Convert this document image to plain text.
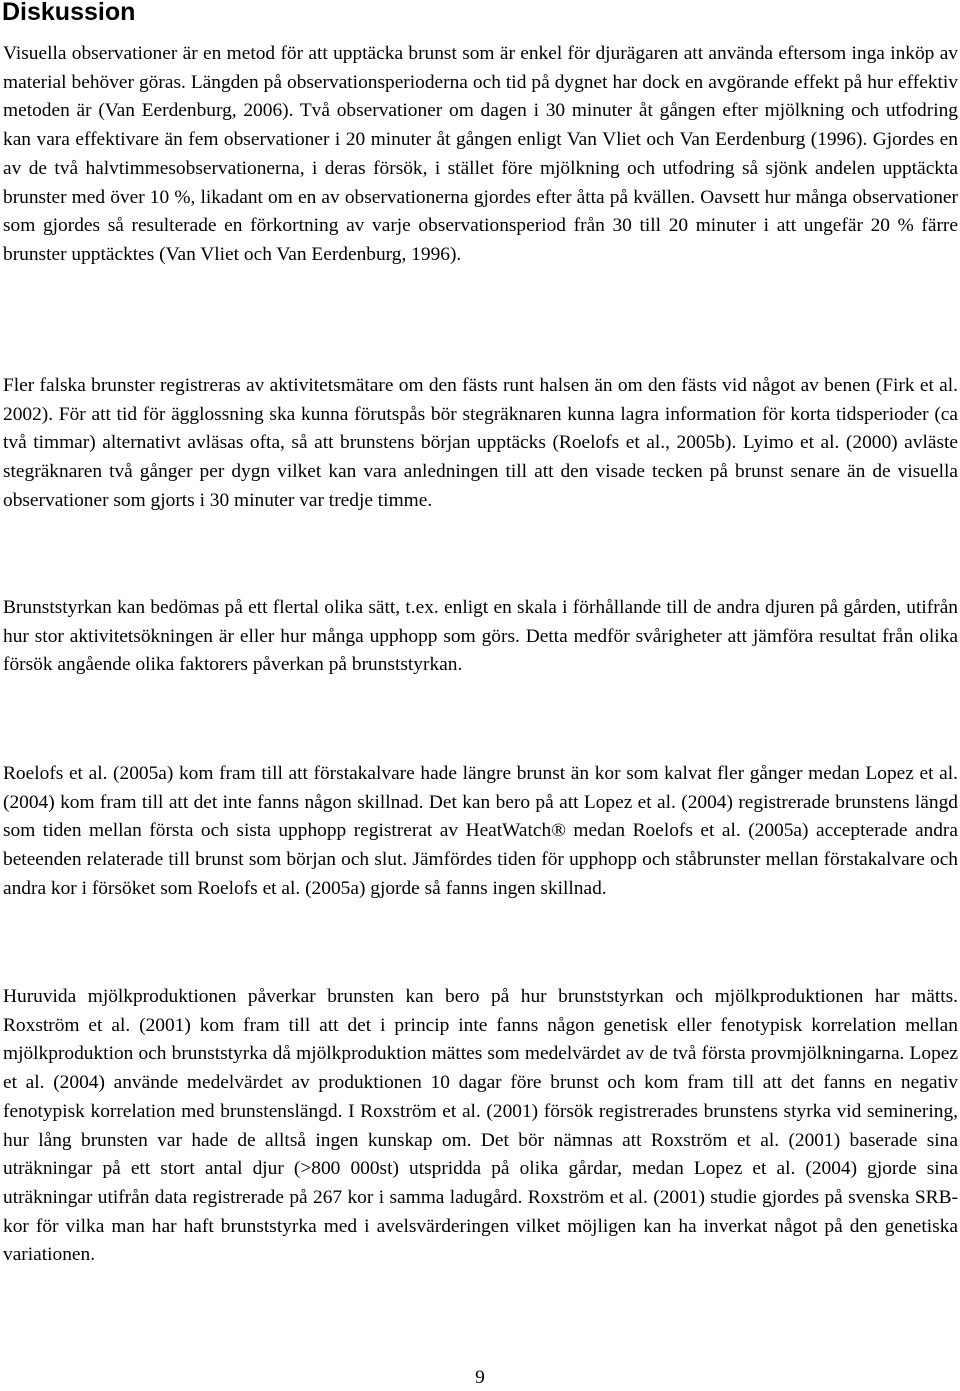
Diskussion

Visuella observationer är en metod för att upptäcka brunst som är enkel för djurägaren att använda eftersom inga inköp av material behöver göras. Längden på observationsperioderna och tid på dygnet har dock en avgörande effekt på hur effektiv metoden är (Van Eerdenburg, 2006). Två observationer om dagen i 30 minuter åt gången efter mjölkning och utfodring kan vara effektivare än fem observationer i 20 minuter åt gången enligt Van Vliet och Van Eerdenburg (1996). Gjordes en av de två halvtimmesobservationerna, i deras försök, i stället före mjölkning och utfodring så sjönk andelen upptäckta brunster med över 10 %, likadant om en av observationerna gjordes efter åtta på kvällen. Oavsett hur många observationer som gjordes så resulterade en förkortning av varje observationsperiod från 30 till 20 minuter i att ungefär 20 % färre brunster upptäcktes (Van Vliet och Van Eerdenburg, 1996).

Fler falska brunster registreras av aktivitetsmätare om den fästs runt halsen än om den fästs vid något av benen (Firk et al. 2002). För att tid för ägglossning ska kunna förutspås bör stegräknaren kunna lagra information för korta tidsperioder (ca två timmar) alternativt avläsas ofta, så att brunstens början upptäcks (Roelofs et al., 2005b). Lyimo et al. (2000) avläste stegräknaren två gånger per dygn vilket kan vara anledningen till att den visade tecken på brunst senare än de visuella observationer som gjorts i 30 minuter var tredje timme.

Brunststyrkan kan bedömas på ett flertal olika sätt, t.ex. enligt en skala i förhållande till de andra djuren på gården, utifrån hur stor aktivitetsökningen är eller hur många upphopp som görs. Detta medför svårigheter att jämföra resultat från olika försök angående olika faktorers påverkan på brunststyrkan.

Roelofs et al. (2005a) kom fram till att förstakalvare hade längre brunst än kor som kalvat fler gånger medan Lopez et al. (2004) kom fram till att det inte fanns någon skillnad. Det kan bero på att Lopez et al. (2004) registrerade brunstens längd som tiden mellan första och sista upphopp registrerat av HeatWatch® medan Roelofs et al. (2005a) accepterade andra beteenden relaterade till brunst som början och slut. Jämfördes tiden för upphopp och ståbrunster mellan förstakalvare och andra kor i försöket som Roelofs et al. (2005a) gjorde så fanns ingen skillnad.

Huruvida mjölkproduktionen påverkar brunsten kan bero på hur brunststyrkan och mjölkproduktionen har mätts. Roxström et al. (2001) kom fram till att det i princip inte fanns någon genetisk eller fenotypisk korrelation mellan mjölkproduktion och brunststyrka då mjölkproduktion mättes som medelvärdet av de två första provmjölkningarna. Lopez et al. (2004) använde medelvärdet av produktionen 10 dagar före brunst och kom fram till att det fanns en negativ fenotypisk korrelation med brunstenslängd. I Roxström et al. (2001) försök registrerades brunstens styrka vid seminering, hur lång brunsten var hade de alltså ingen kunskap om. Det bör nämnas att Roxström et al. (2001) baserade sina uträkningar på ett stort antal djur (>800 000st) utspridda på olika gårdar, medan Lopez et al. (2004) gjorde sina uträkningar utifrån data registrerade på 267 kor i samma ladugård. Roxström et al. (2001) studie gjordes på svenska SRB-kor för vilka man har haft brunststyrka med i avelsvärderingen vilket möjligen kan ha inverkat något på den genetiska variationen.

9
